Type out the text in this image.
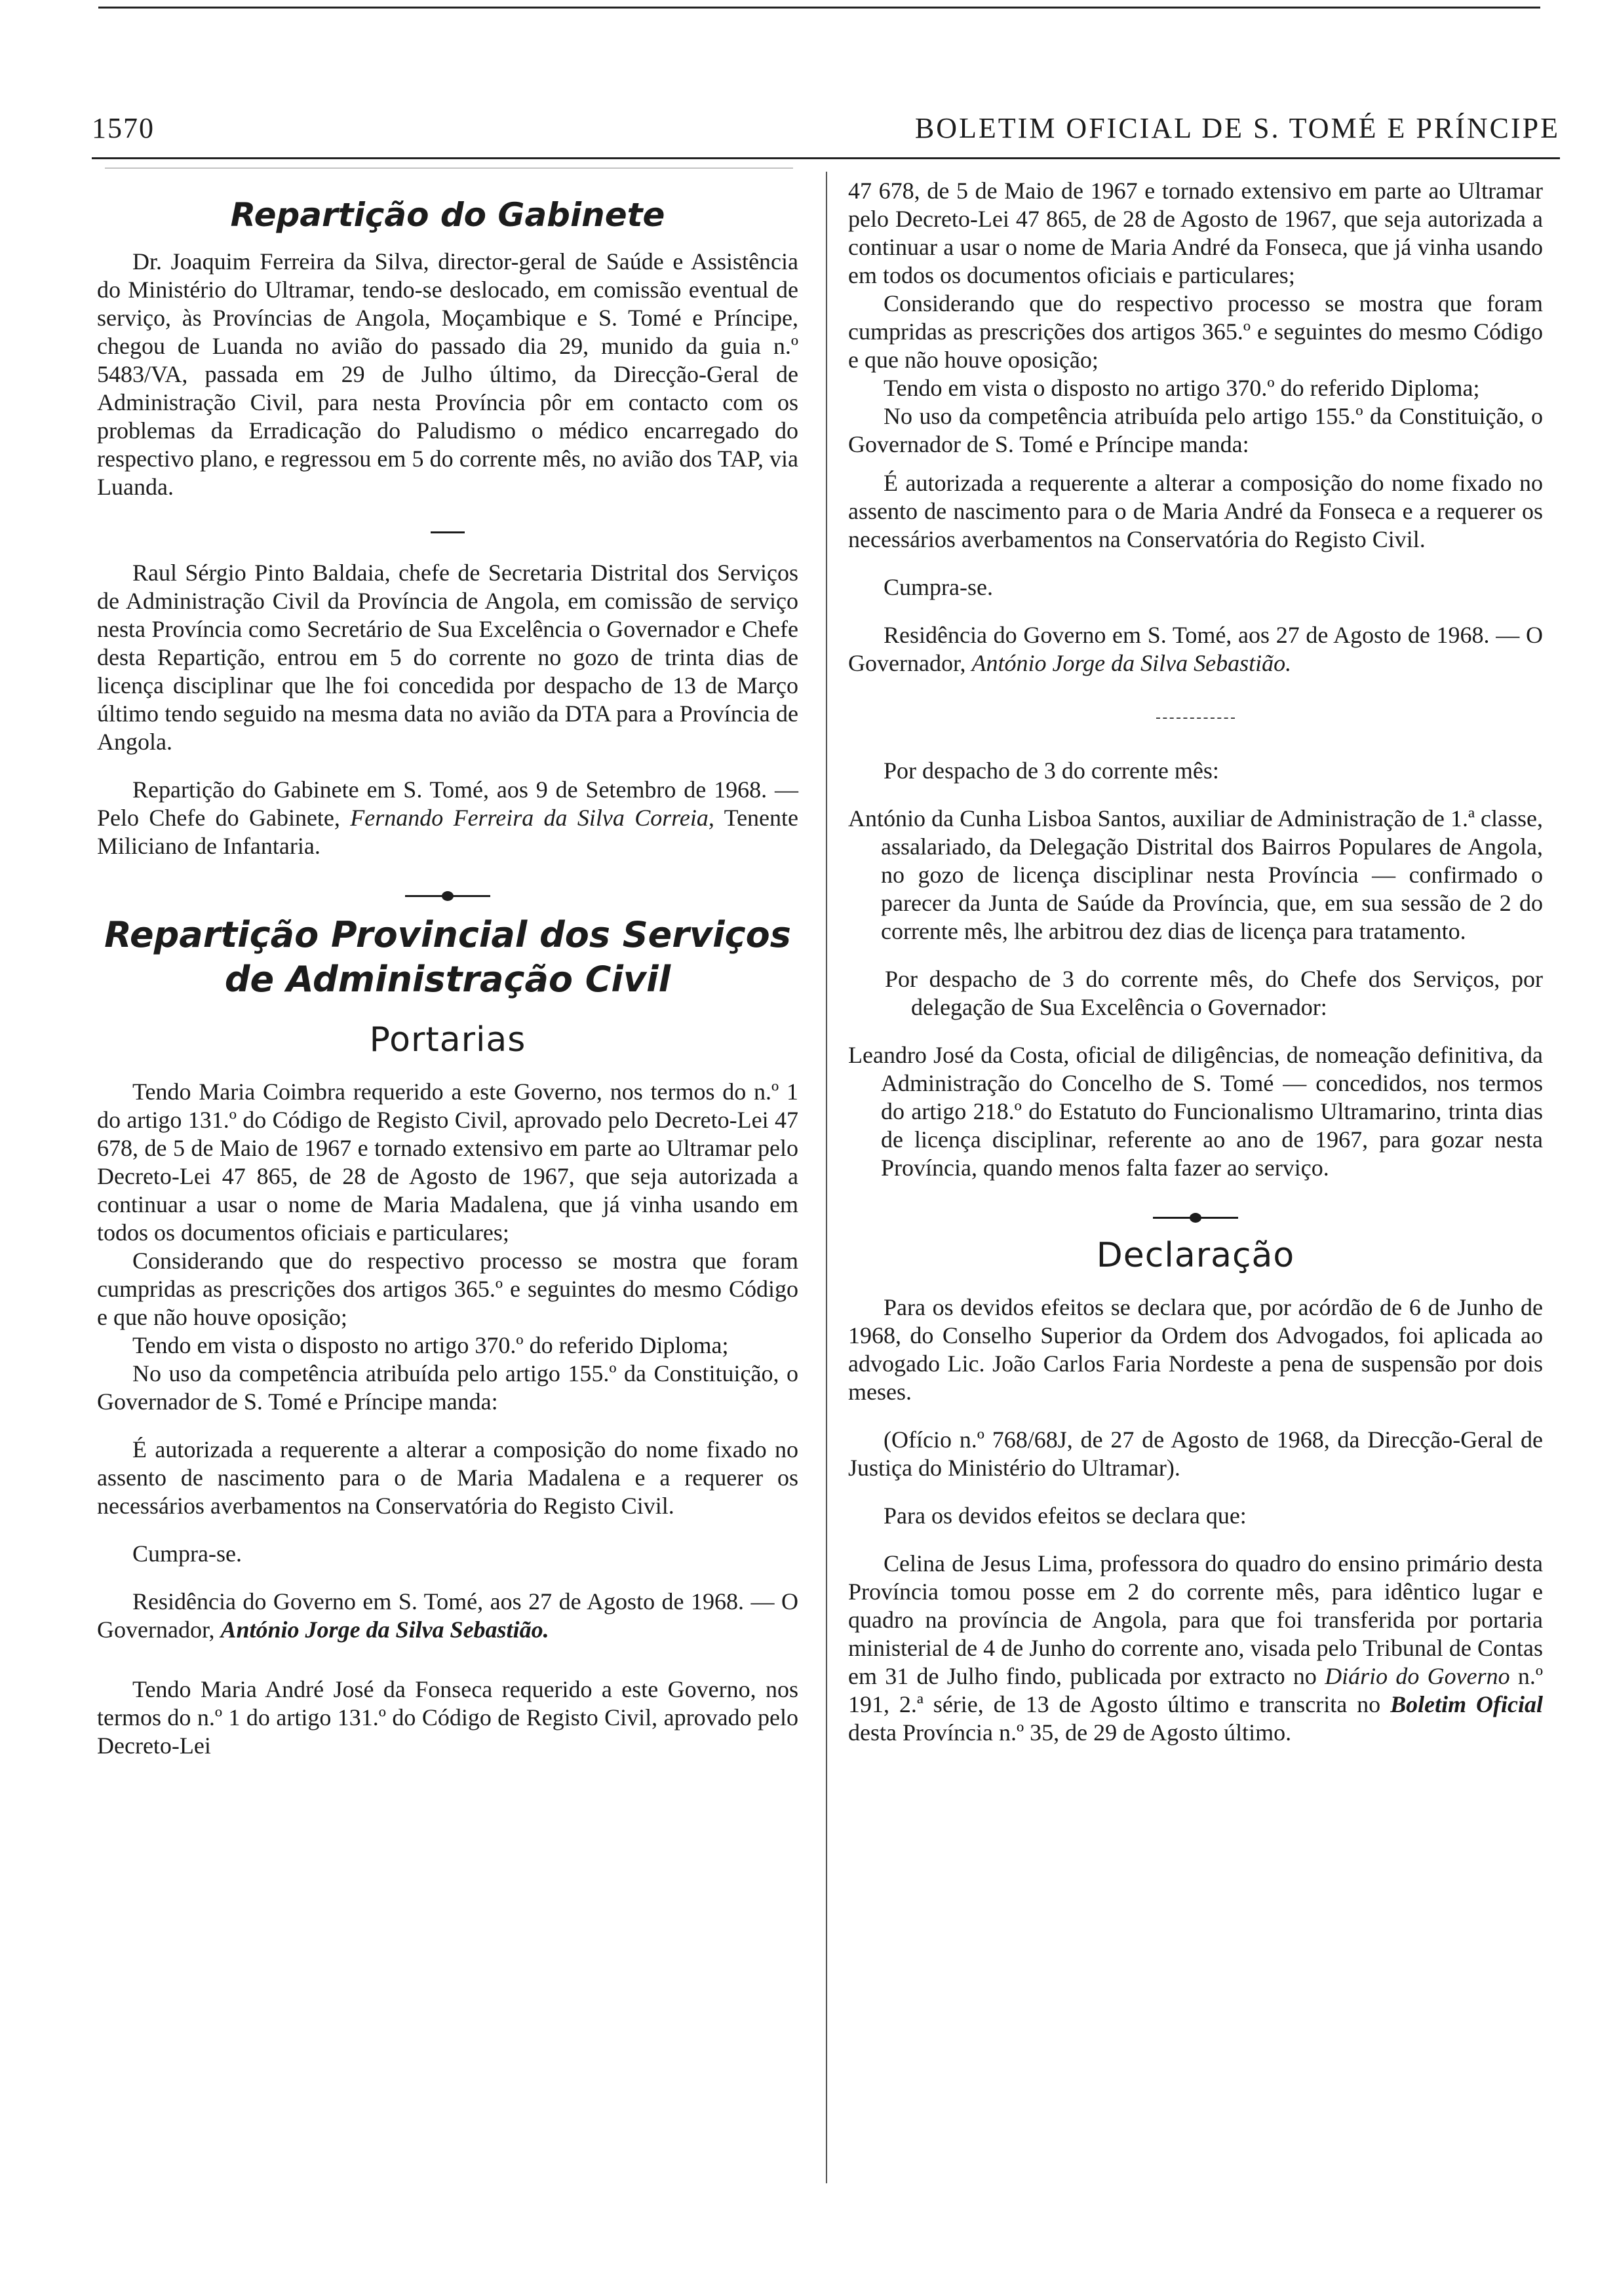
1570	BOLETIM OFICIAL DE S. TOMÉ E PRÍNCIPE
Repartição do Gabinete

Dr. Joaquim Ferreira da Silva, director-geral de Saúde e Assistência do Ministério do Ultramar, tendo-se deslocado, em comissão eventual de serviço, às Províncias de Angola, Moçambique e S. Tomé e Príncipe, chegou de Luanda no avião do passado dia 29, munido da guia n.º 5483/VA, passada em 29 de Julho último, da Direcção-Geral de Administração Civil, para nesta Província pôr em contacto com os problemas da Erradicação do Paludismo o médico encarregado do respectivo plano, e regressou em 5 do corrente mês, no avião dos TAP, via Luanda.

Raul Sérgio Pinto Baldaia, chefe de Secretaria Distrital dos Serviços de Administração Civil da Província de Angola, em comissão de serviço nesta Província como Secretário de Sua Excelência o Governador e Chefe desta Repartição, entrou em 5 do corrente no gozo de trinta dias de licença disciplinar que lhe foi concedida por despacho de 13 de Março último tendo seguido na mesma data no avião da DTA para a Província de Angola.

Repartição do Gabinete em S. Tomé, aos 9 de Setembro de 1968. — Pelo Chefe do Gabinete, Fernando Ferreira da Silva Correia, Tenente Miliciano de Infantaria.

Repartição Provincial dos Serviços
de Administração Civil
Portarias

Tendo Maria Coimbra requerido a este Governo, nos termos do n.º 1 do artigo 131.º do Código de Registo Civil, aprovado pelo Decreto-Lei 47 678, de 5 de Maio de 1967 e tornado extensivo em parte ao Ultramar pelo Decreto-Lei 47 865, de 28 de Agosto de 1967, que seja autorizada a continuar a usar o nome de Maria Madalena, que já vinha usando em todos os documentos oficiais e particulares;

Considerando que do respectivo processo se mostra que foram cumpridas as prescrições dos artigos 365.º e seguintes do mesmo Código e que não houve oposição;

Tendo em vista o disposto no artigo 370.º do referido Diploma;

No uso da competência atribuída pelo artigo 155.º da Constituição, o Governador de S. Tomé e Príncipe manda:

É autorizada a requerente a alterar a composição do nome fixado no assento de nascimento para o de Maria Madalena e a requerer os necessários averbamentos na Conservatória do Registo Civil.

Cumpra-se.

Residência do Governo em S. Tomé, aos 27 de Agosto de 1968. — O Governador, António Jorge da Silva Sebastião.

Tendo Maria André José da Fonseca requerido a este Governo, nos termos do n.º 1 do artigo 131.º do Código de Registo Civil, aprovado pelo Decreto-Lei

47 678, de 5 de Maio de 1967 e tornado extensivo em parte ao Ultramar pelo Decreto-Lei 47 865, de 28 de Agosto de 1967, que seja autorizada a continuar a usar o nome de Maria André da Fonseca, que já vinha usando em todos os documentos oficiais e particulares;

Considerando que do respectivo processo se mostra que foram cumpridas as prescrições dos artigos 365.º e seguintes do mesmo Código e que não houve oposição;

Tendo em vista o disposto no artigo 370.º do referido Diploma;

No uso da competência atribuída pelo artigo 155.º da Constituição, o Governador de S. Tomé e Príncipe manda:

É autorizada a requerente a alterar a composição do nome fixado no assento de nascimento para o de Maria André da Fonseca e a requerer os necessários averbamentos na Conservatória do Registo Civil.

Cumpra-se.

Residência do Governo em S. Tomé, aos 27 de Agosto de 1968. — O Governador, António Jorge da Silva Sebastião.

Por despacho de 3 do corrente mês:

António da Cunha Lisboa Santos, auxiliar de Administração de 1.ª classe, assalariado, da Delegação Distrital dos Bairros Populares de Angola, no gozo de licença disciplinar nesta Província — confirmado o parecer da Junta de Saúde da Província, que, em sua sessão de 2 do corrente mês, lhe arbitrou dez dias de licença para tratamento.

Por despacho de 3 do corrente mês, do Chefe dos Serviços, por delegação de Sua Excelência o Governador:

Leandro José da Costa, oficial de diligências, de nomeação definitiva, da Administração do Concelho de S. Tomé — concedidos, nos termos do artigo 218.º do Estatuto do Funcionalismo Ultramarino, trinta dias de licença disciplinar, referente ao ano de 1967, para gozar nesta Província, quando menos falta fazer ao serviço.

Declaração

Para os devidos efeitos se declara que, por acórdão de 6 de Junho de 1968, do Conselho Superior da Ordem dos Advogados, foi aplicada ao advogado Lic. João Carlos Faria Nordeste a pena de suspensão por dois meses.

(Ofício n.º 768/68J, de 27 de Agosto de 1968, da Direcção-Geral de Justiça do Ministério do Ultramar).

Para os devidos efeitos se declara que:

Celina de Jesus Lima, professora do quadro do ensino primário desta Província tomou posse em 2 do corrente mês, para idêntico lugar e quadro na província de Angola, para que foi transferida por portaria ministerial de 4 de Junho do corrente ano, visada pelo Tribunal de Contas em 31 de Julho findo, publicada por extracto no Diário do Governo n.º 191, 2.ª série, de 13 de Agosto último e transcrita no Boletim Oficial desta Província n.º 35, de 29 de Agosto último.
